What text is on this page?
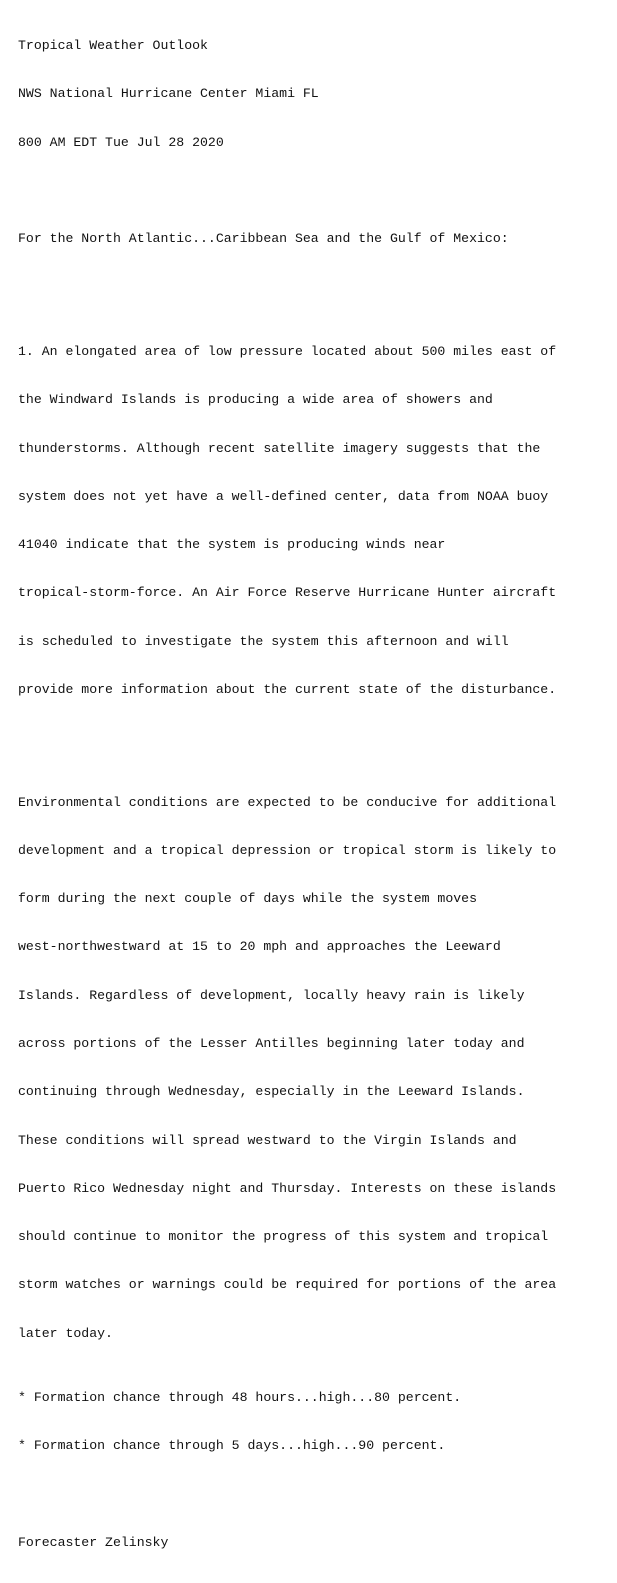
Tropical Weather Outlook

NWS National Hurricane Center Miami FL

800 AM EDT Tue Jul 28 2020

For the North Atlantic...Caribbean Sea and the Gulf of Mexico:

1. An elongated area of low pressure located about 500 miles east of

the Windward Islands is producing a wide area of showers and

thunderstorms. Although recent satellite imagery suggests that the

system does not yet have a well-defined center, data from NOAA buoy

41040 indicate that the system is producing winds near

tropical-storm-force. An Air Force Reserve Hurricane Hunter aircraft

is scheduled to investigate the system this afternoon and will

provide more information about the current state of the disturbance.

Environmental conditions are expected to be conducive for additional

development and a tropical depression or tropical storm is likely to

form during the next couple of days while the system moves

west-northwestward at 15 to 20 mph and approaches the Leeward

Islands. Regardless of development, locally heavy rain is likely

across portions of the Lesser Antilles beginning later today and

continuing through Wednesday, especially in the Leeward Islands.

These conditions will spread westward to the Virgin Islands and

Puerto Rico Wednesday night and Thursday. Interests on these islands

should continue to monitor the progress of this system and tropical

storm watches or warnings could be required for portions of the area

later today.

* Formation chance through 48 hours...high...80 percent.

* Formation chance through 5 days...high...90 percent.

Forecaster Zelinsky
